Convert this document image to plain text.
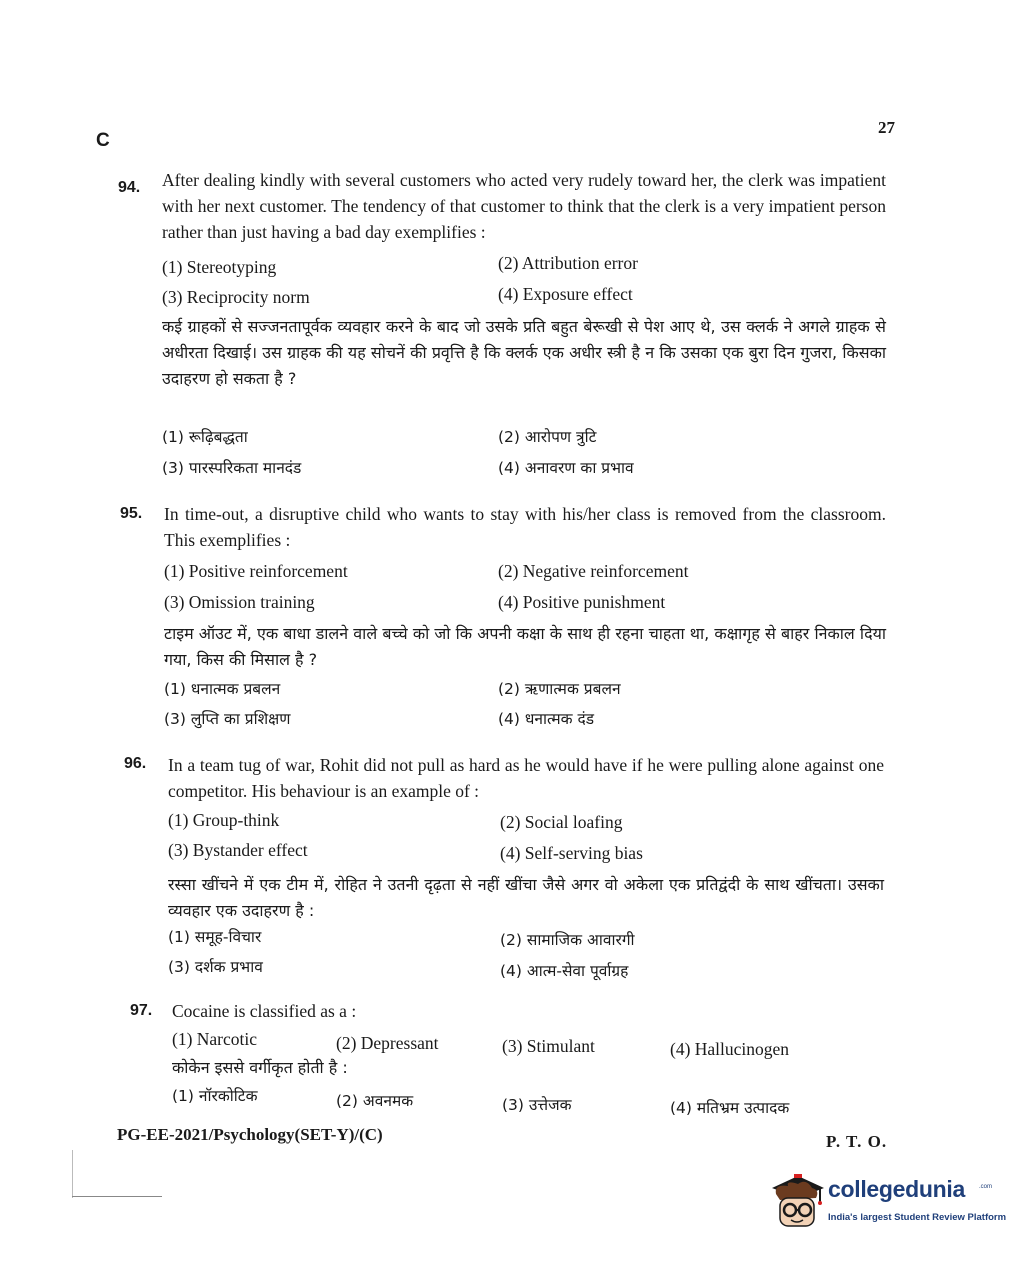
C
27
94. After dealing kindly with several customers who acted very rudely toward her, the clerk was impatient with her next customer. The tendency of that customer to think that the clerk is a very impatient person rather than just having a bad day exemplifies :
(1) Stereotyping	(2) Attribution error
(3) Reciprocity norm	(4) Exposure effect
कई ग्राहकों से सज्जनतापूर्वक व्यवहार करने के बाद जो उसके प्रति बहुत बेरूखी से पेश आए थे, उस क्लर्क ने अगले ग्राहक से अधीरता दिखाई। उस ग्राहक की यह सोचनें की प्रवृत्ति है कि क्लर्क एक अधीर स्त्री है न कि उसका एक बुरा दिन गुजरा, किसका उदाहरण हो सकता है ?
(1) रूढ़िबद्धता	(2) आरोपण त्रुटि
(3) पारस्परिकता मानदंड	(4) अनावरण का प्रभाव
95. In time-out, a disruptive child who wants to stay with his/her class is removed from the classroom. This exemplifies :
(1) Positive reinforcement	(2) Negative reinforcement
(3) Omission training	(4) Positive punishment
टाइम ऑउट में, एक बाधा डालने वाले बच्चे को जो कि अपनी कक्षा के साथ ही रहना चाहता था, कक्षागृह से बाहर निकाल दिया गया, किस की मिसाल है ?
(1) धनात्मक प्रबलन	(2) ऋणात्मक प्रबलन
(3) लुप्ति का प्रशिक्षण	(4) धनात्मक दंड
96. In a team tug of war, Rohit did not pull as hard as he would have if he were pulling alone against one competitor. His behaviour is an example of :
(1) Group-think	(2) Social loafing
(3) Bystander effect	(4) Self-serving bias
रस्सा खींचने में एक टीम में, रोहित ने उतनी दृढ़ता से नहीं खींचा जैसे अगर वो अकेला एक प्रतिद्वंदी के साथ खींचता। उसका व्यवहार एक उदाहरण है :
(1) समूह-विचार	(2) सामाजिक आवारगी
(3) दर्शक प्रभाव	(4) आत्म-सेवा पूर्वाग्रह
97. Cocaine is classified as a :
(1) Narcotic	(2) Depressant	(3) Stimulant	(4) Hallucinogen
कोकेन इससे वर्गीकृत होती है :
(1) नॉरकोटिक	(2) अवनमक	(3) उत्तेजक	(4) मतिभ्रम उत्पादक
PG-EE-2021/Psychology(SET-Y)/(C)	P. T. O.
collegedunia .com
India's largest Student Review Platform
